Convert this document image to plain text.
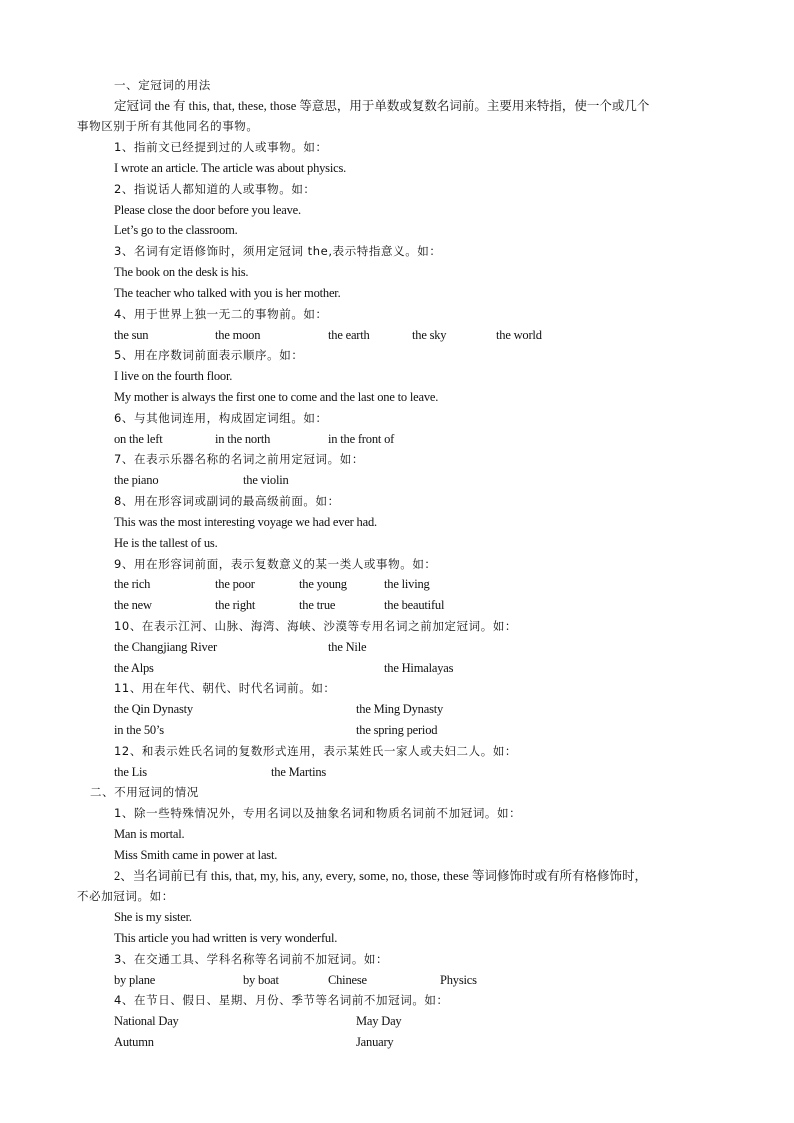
一、定冠词的用法
定冠词 the 有 this, that, these, those 等意思，用于单数或复数名词前。主要用来特指，使一个或几个
事物区别于所有其他同名的事物。
1、指前文已经提到过的人或事物。如：
I wrote an article. The article was about physics.
2、指说话人都知道的人或事物。如：
Please close the door before you leave.
Let’s go to the classroom.
3、名词有定语修饰时，须用定冠词 the,表示特指意义。如：
The book on the desk is his.
The teacher who talked with you is her mother.
4、用于世界上独一无二的事物前。如：
the sun	the moon	the earth	the sky	the world
5、用在序数词前面表示顺序。如：
I live on the fourth floor.
My mother is always the first one to come and the last one to leave.
6、与其他词连用，构成固定词组。如：
on the left	in the north	in the front of
7、在表示乐器名称的名词之前用定冠词。如：
the piano	the violin
8、用在形容词或副词的最高级前面。如：
This was the most interesting voyage we had ever had.
He is the tallest of us.
9、用在形容词前面，表示复数意义的某一类人或事物。如：
the rich	the poor	the young	the living
the new	the right	the true	the beautiful
10、在表示江河、山脉、海湾、海峡、沙漠等专用名词之前加定冠词。如：
the Changjiang River	the Nile
the Alps	the Himalayas
11、用在年代、朝代、时代名词前。如：
the Qin Dynasty	the Ming Dynasty
in the 50’s	the spring period
12、和表示姓氏名词的复数形式连用，表示某姓氏一家人或夫妇二人。如：
the Lis	the Martins
二、不用冠词的情况
1、除一些特殊情况外，专用名词以及抽象名词和物质名词前不加冠词。如：
Man is mortal.
Miss Smith came in power at last.
2、当名词前已有 this, that, my, his, any, every, some, no, those, these 等词修饰时或有所有格修饰时，
不必加冠词。如：
She is my sister.
This article you had written is very wonderful.
3、在交通工具、学科名称等名词前不加冠词。如：
by plane	by boat	Chinese	Physics
4、在节日、假日、星期、月份、季节等名词前不加冠词。如：
National Day	May Day
Autumn	January
